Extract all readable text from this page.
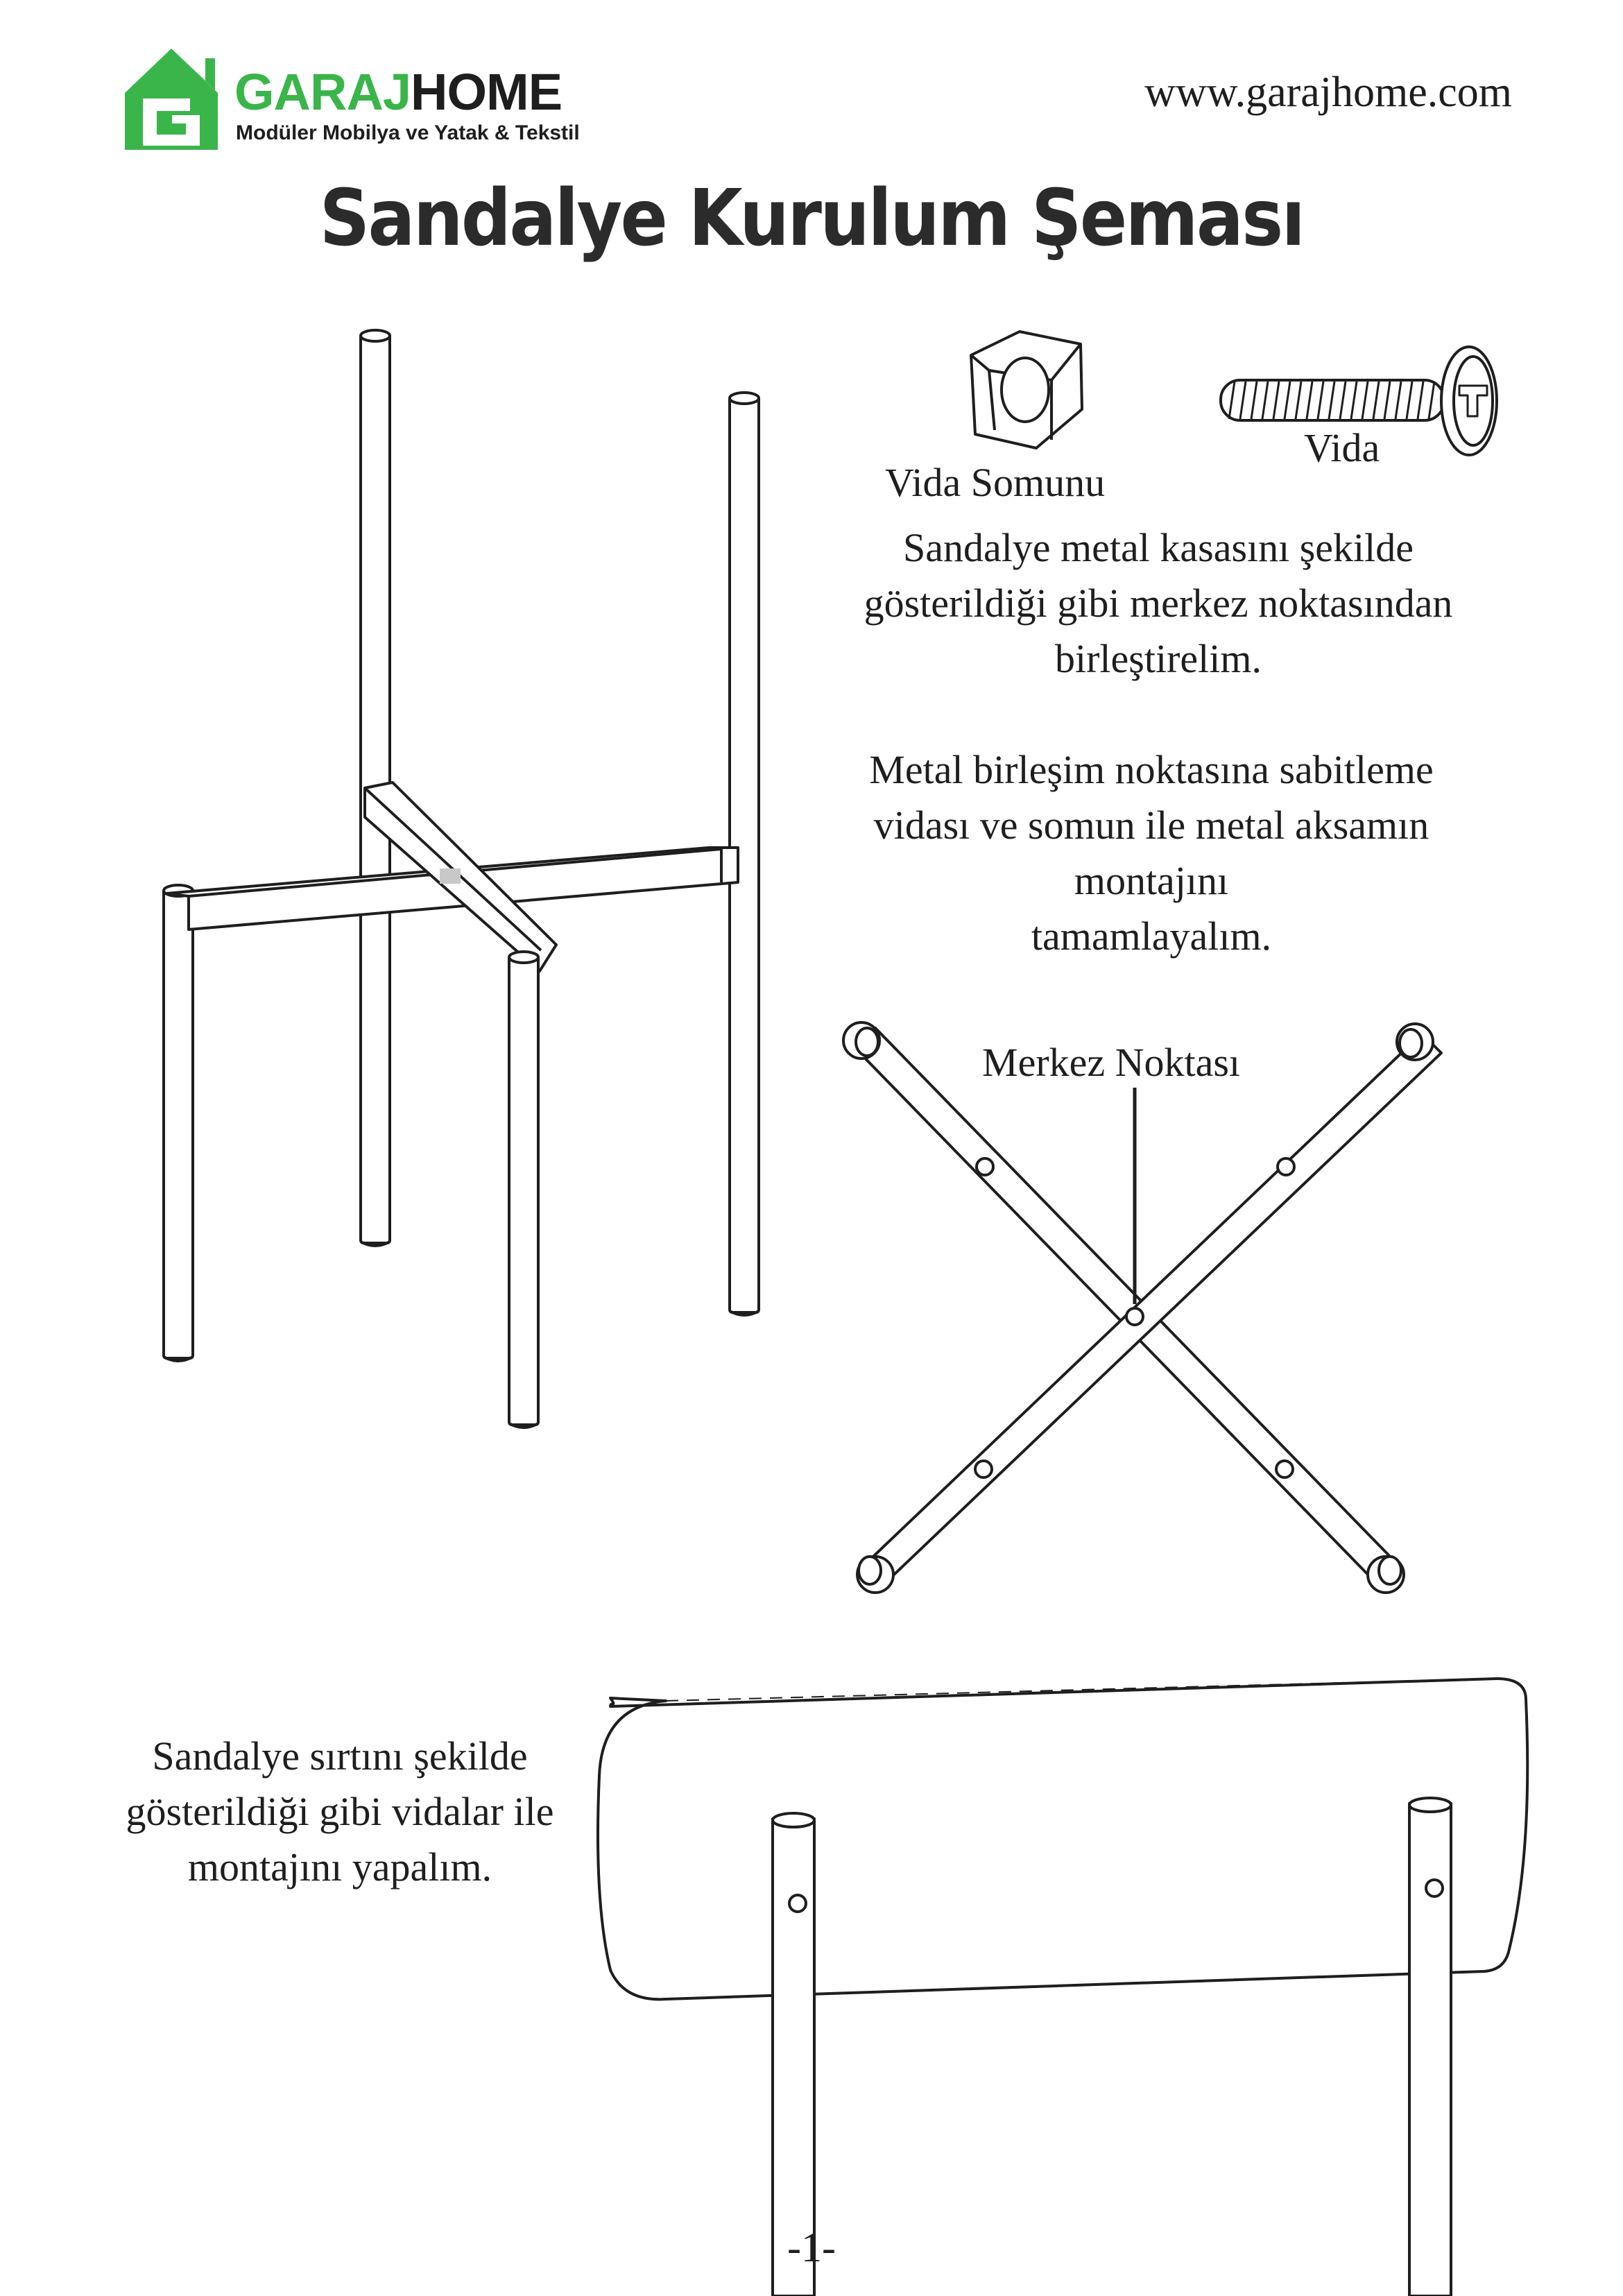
GARAJHOME
Modüler Mobilya ve Yatak & Tekstil
www.garajhome.com
Sandalye Kurulum Şeması
Vida Somunu
Vida
Sandalye metal kasasını şekilde
gösterildiği gibi merkez noktasından
birleştirelim.
Metal birleşim noktasına sabitleme
vidası ve somun ile metal aksamın
montajını
tamamlayalım.
Merkez Noktası
Sandalye sırtını şekilde
gösterildiği gibi vidalar ile
montajını yapalım.
-1-
